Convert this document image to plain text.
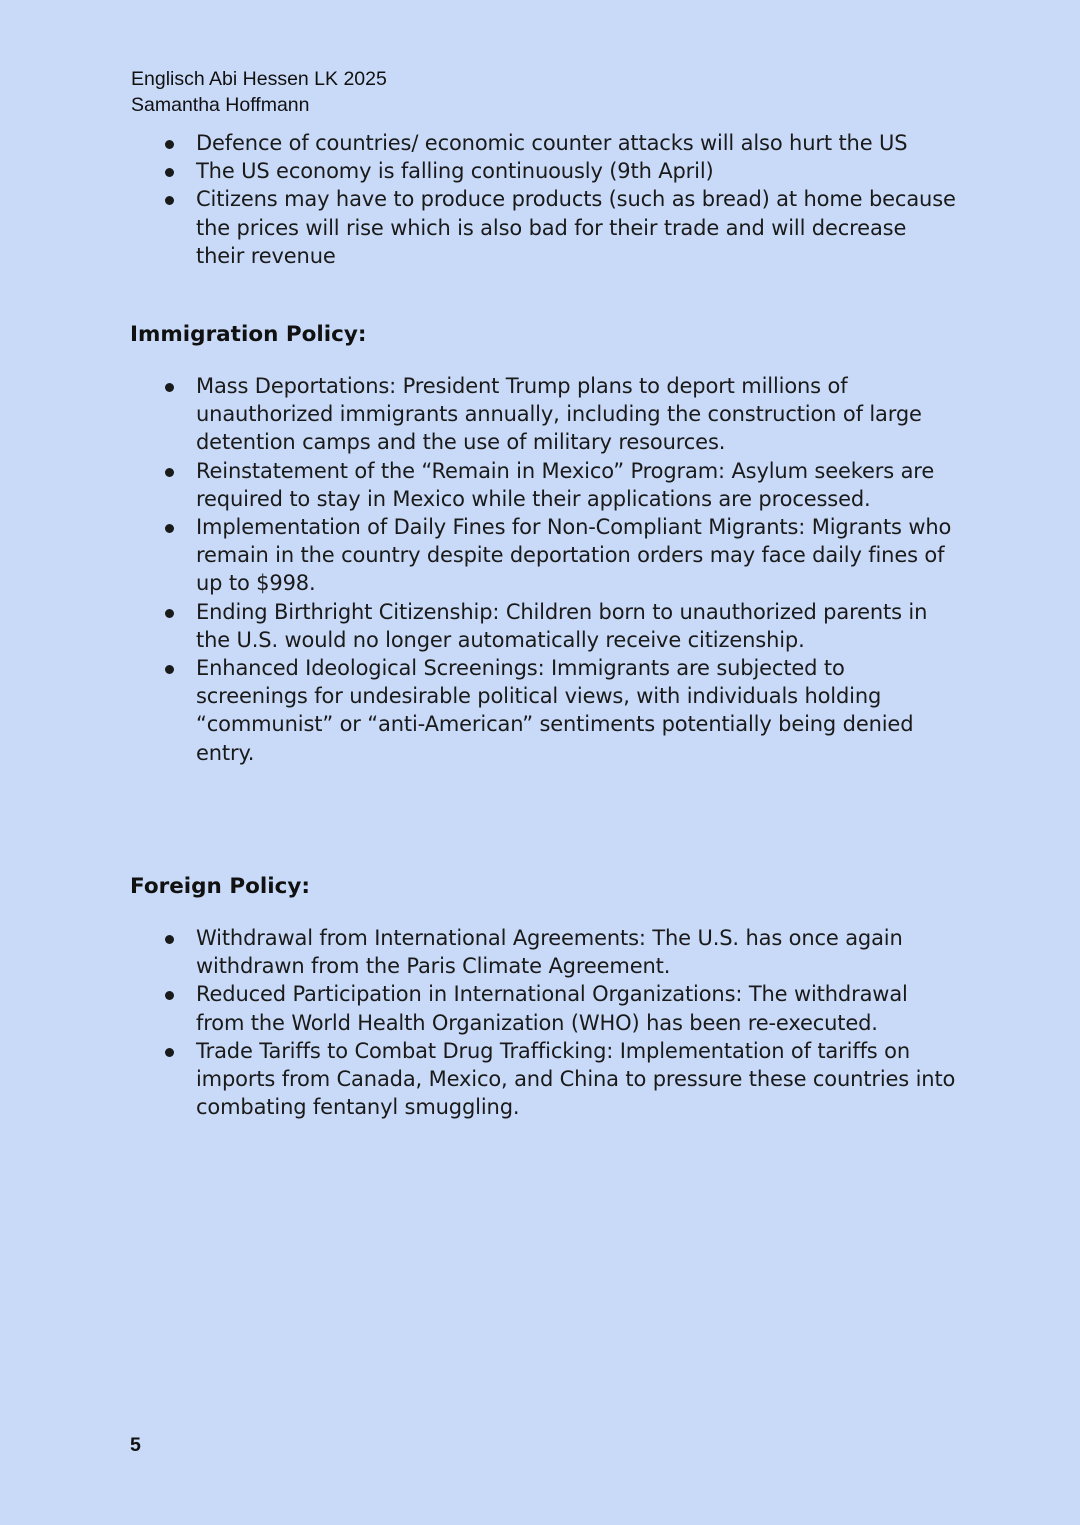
Englisch Abi Hessen LK 2025
Samantha Hoffmann
Defence of countries/ economic counter attacks will also hurt the US
The US economy is falling continuously (9th April)
Citizens may have to produce products (such as bread) at home because the prices will rise which is also bad for their trade and will decrease their revenue
Immigration Policy:
Mass Deportations: President Trump plans to deport millions of unauthorized immigrants annually, including the construction of large detention camps and the use of military resources.
Reinstatement of the “Remain in Mexico” Program: Asylum seekers are required to stay in Mexico while their applications are processed.
Implementation of Daily Fines for Non-Compliant Migrants: Migrants who remain in the country despite deportation orders may face daily fines of up to $998.
Ending Birthright Citizenship: Children born to unauthorized parents in the U.S. would no longer automatically receive citizenship.
Enhanced Ideological Screenings: Immigrants are subjected to screenings for undesirable political views, with individuals holding “communist” or “anti-American” sentiments potentially being denied entry.
Foreign Policy:
Withdrawal from International Agreements: The U.S. has once again withdrawn from the Paris Climate Agreement.
Reduced Participation in International Organizations: The withdrawal from the World Health Organization (WHO) has been re-executed.
Trade Tariffs to Combat Drug Trafficking: Implementation of tariffs on imports from Canada, Mexico, and China to pressure these countries into combating fentanyl smuggling.
5
